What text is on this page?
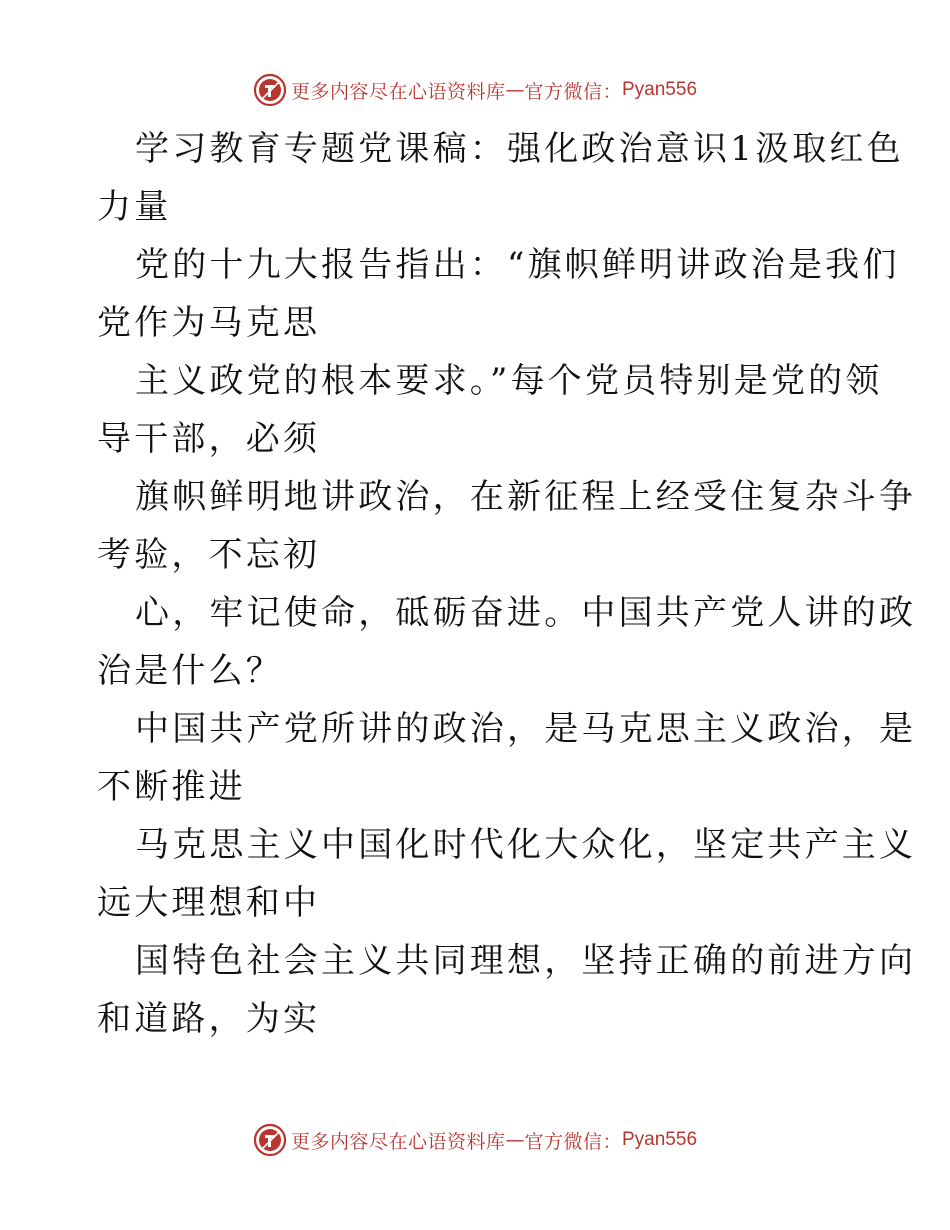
更多内容尽在心语资料库 — 官方微信： Pyan556

学习教育专题党课稿：强化政治意识1汲取红色
力量

党的十九大报告指出：“旗帜鲜明讲政治是我们
党作为马克思

主义政党的根本要求。”每个党员特别是党的领
导干部，必须

旗帜鲜明地讲政治，在新征程上经受住复杂斗争
考验，不忘初

心，牢记使命，砥砺奋进。中国共产党人讲的政
治是什么？

中国共产党所讲的政治，是马克思主义政治，是
不断推进

马克思主义中国化时代化大众化，坚定共产主义
远大理想和中

国特色社会主义共同理想，坚持正确的前进方向
和道路，为实

更多内容尽在心语资料库 — 官方微信： Pyan556
